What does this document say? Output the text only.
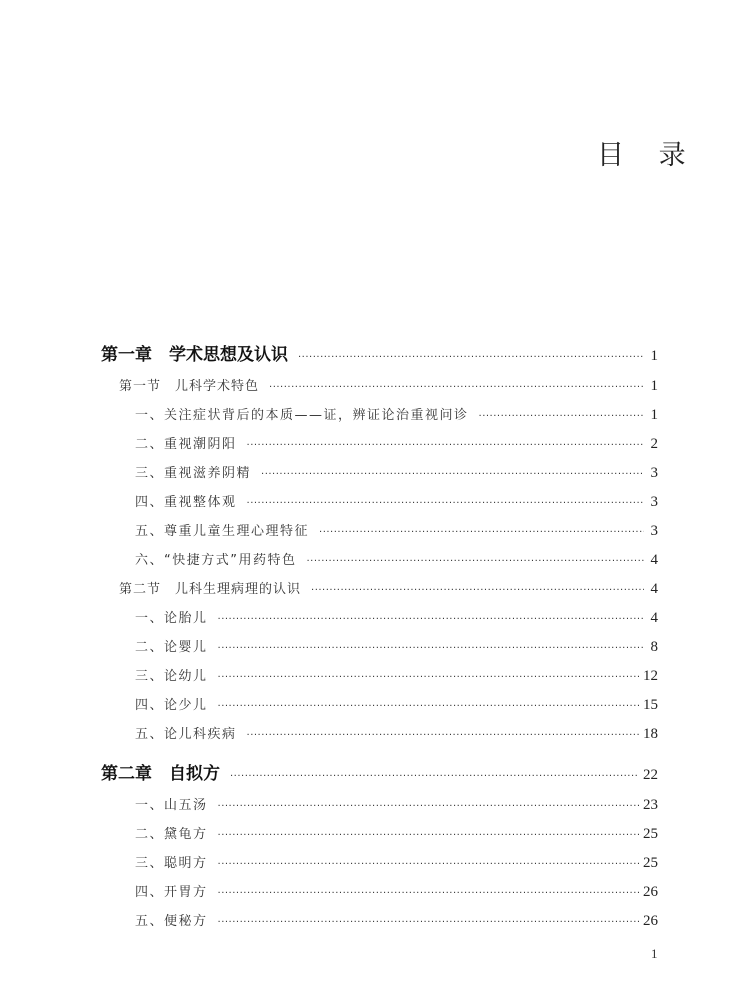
目 录
第一章　学术思想及认识 ·····	1
第一节　儿科学术特色 ·····	1
一、关注症状背后的本质——证，辨证论治重视问诊 ·····	1
二、重视潮阴阳 ·····	2
三、重视滋养阴精 ·····	3
四、重视整体观 ·····	3
五、尊重儿童生理心理特征 ·····	3
六、“快捷方式”用药特色 ·····	4
第二节　儿科生理病理的认识 ·····	4
一、论胎儿 ·····	4
二、论婴儿 ·····	8
三、论幼儿 ·····	12
四、论少儿 ·····	15
五、论儿科疾病 ·····	18
第二章　自拟方 ·····	22
一、山五汤 ·····	23
二、黛龟方 ·····	25
三、聪明方 ·····	25
四、开胃方 ·····	26
五、便秘方 ·····	26
1
